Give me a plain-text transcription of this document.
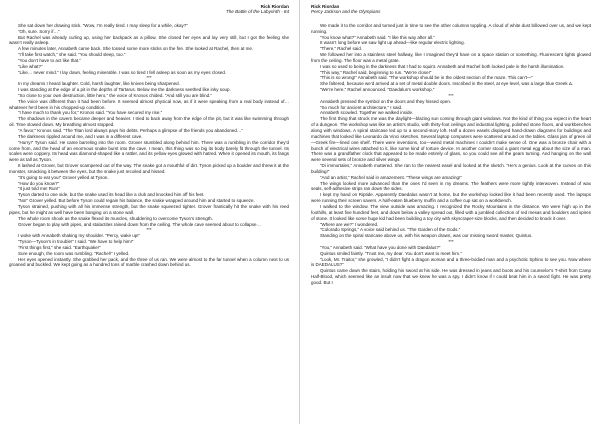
Rick Riordan
The Battle of the Labyrinth - 84

She sat down her drawing stick. “Wow, I’m really tired. I may sleep for a while, okay?”

“Oh, sure. Sorry if…”

But Rachel was already curling up, using her backpack as a pillow. She closed her eyes and lay very still, but I got the feeling she wasn’t really asleep.

A few minutes later, Annabeth came back. She tossed some more sticks on the fire. She looked at Rachel, then at me.

“I’ll take first watch,” she said. “You should sleep, too.”

“You don’t have to act like that.”

“Like what?”

“Like… never mind.” I lay down, feeling miserable. I was so tired I fell asleep as soon as my eyes closed.

***

In my dreams I heard laughter. Cold, harsh laughter, like knives being sharpened.

I was standing at the edge of a pit in the depths of Tartarus. Below me the darkness seethed like inky soup.

“So close to your own destruction, little hero,” the voice of Kronos chided. “And still you are blind.”

The voice was different than it had been before. It seemed almost physical now, as if it were speaking from a real body instead of…whatever he’d been in his chopped-up condition.

“I have much to thank you for,” Kronos said. “You have secured my rise.”

The shadows in the cavern became deeper and heavier. I tried to back away from the edge of the pit, but it was like swimming through oil. Time slowed down. My breathing almost stopped.

“A favor,” Kronos said. “The Titan lord always pays his debts. Perhaps a glimpse of the friends you abandoned…”

The darkness rippled around me, and I was in a different cave.

“Hurry!” Tyson said. He came barreling into the room. Grover stumbled along behind him. There was a rumbling in the corridor they’d come from, and the head of an enormous snake burst into the cave. I mean, this thing was so big its body barely fit through the tunnel. Its scales were coppery. Its head was diamond-shaped like a rattler, and its yellow eyes glowed with hatred. When it opened its mouth, its fangs were as tall as Tyson.

It lashed at Grover, but Grover scampered out of the way. The snake got a mouthful of dirt. Tyson picked up a boulder and threw it at the monster, smacking it between the eyes, but the snake just recoiled and hissed.

“It’s going to eat you!” Grover yelled at Tyson.

“How do you know?”

“It just told me! Run!”

Tyson darted to one side, but the snake used its head like a club and knocked him off his feet.

“No!” Grover yelled. But before Tyson could regain his balance, the snake wrapped around him and started to squeeze.

Tyson strained, pushing with all his immense strength, but the snake squeezed tighter. Grover frantically hit the snake with his reed pipes, but he might as well have been banging on a stone wall.

The whole room shook as the snake flexed its muscles, shuddering to overcome Tyson’s strength.

Grover began to play with pipes, and stalactites rained down from the ceiling. The whole cave seemed about to collapse…

***

I woke with Annabeth shaking my shoulder. “Percy, wake up!”

“Tyson—Tyson’s in trouble!” I said. “We have to help him!”

“First things first,” she said. “Earthquake!”

Sure enough, the room was rumbling. “Rachel!” I yelled.

Her eyes opened instantly. She grabbed her pack, and the three of us ran. We were almost to the far tunnel when a column next to us groaned and buckled. We kept going as a hundred tons of marble crashed down behind us.

Rick Riordan
Percy Jackson and the Olympians

We made it to the corridor and turned just in time to see the other columns toppling. A cloud of white dust billowed over us, and we kept running.

“You know what?” Annabeth said. “I like this way after all.”

It wasn’t long before we saw light up ahead—like regular electric lighting.

“There,” Rachel said.

We followed her into a stainless steel hallway, like I imagined they’d have on a space station or something. Fluorescent lights glowed from the ceiling. The floor was a metal grate.

I was so used to being in the darkness that I had to squint. Annabeth and Rachel both looked pale in the harsh illumination.

“This way,” Rachel said, beginning to run. “We’re close!”

“This is so wrong!” Annabeth said. “The workshop should be in the oldest section of the maze. This can’t—”

She faltered, because we’d arrived at a set of metal double doors. Inscribed in the steel, at eye level, was a large blue Greek Δ.

“We’re here,” Rachel announced. “Daedalus’s workshop.”

***

Annabeth pressed the symbol on the doors and they hissed open.

“So much for ancient architecture,” I said.

Annabeth scowled. Together we walked inside.

The first thing that struck me was the daylight—blazing sun coming through giant windows. Not the kind of thing you expect in the heart of a dungeon. The workshop was like an artist’s studio, with thirty-foot ceilings and industrial lighting, polished stone floors, and workbenches along with windows. A spiral staircase led up to a second-story loft. Half a dozen easels displayed hand-drawn diagrams for buildings and machines that looked like Leonardo da Vinci sketches. Several laptop computers were scattered around on the tables. Glass jars of green oil—Greek fire—lined one shelf. There were inventions, too—weird metal machines I couldn’t make sense of. One was a bronze chair with a bunch of electrical wires attached to it, like some kind of torture device. In another corner stood a giant metal egg about the size of a man. There was a grandfather clock that appeared to be made entirely of glass, so you could see all the gears turning. And hanging on the wall were several sets of bronze and silver wings.

“Di immortales,” Annabeth muttered. She ran to the nearest easel and looked at the sketch. “He’s a genius. Look at the curves on this building!”

“And an artist,” Rachel said in amazement. “These wings are amazing!”

The wings looked more advanced than the ones I’d seen in my dreams. The feathers were more tightly interwoven. Instead of wax seals, self-adhesive strips ran down the sides.

I kept my hand on Riptide. Apparently Daedalus wasn’t at home, but the workshop looked like it had been recently used. The laptops were running their screen savers. A half-eaten blueberry muffin and a coffee cup sat on a workbench.

I walked to the window. The view outside was amazing. I recognized the Rocky Mountains in the distance. We were high up in the foothills, at least five hundred feet, and down below a valley spread out, filled with a jumbled collection of red mesas and boulders and spires of stone. It looked like some huge kid had been building a toy city with skyscraper-size blocks, and then decided to knock it over.

“Where are we?” I wondered.

“Colorado Springs,” A voice said behind us. “The Garden of the Gods.”

Standing on the spiral staircase above us, with his weapon drawn, was our missing sword master, Quintus.

***

“You,” Annabeth said. “What have you done with Daedalus?”

Quintus smiled faintly. “Trust me, my dear. You don’t want to meet him.”

“Look, Mr. Traitor,” she growled, “I didn’t fight a dragon woman and a three-bodied man and a psychotic Sphinx to see you. Now where is DAEDALUS?”

Quintus came down the stairs, holding his sword at his side. He was dressed in jeans and boots and his counselor’s T-shirt from Camp Half-Blood, which seemed like an insult now that we knew he was a spy. I didn’t know if I could beat him in a sword fight. He was pretty good. But I
